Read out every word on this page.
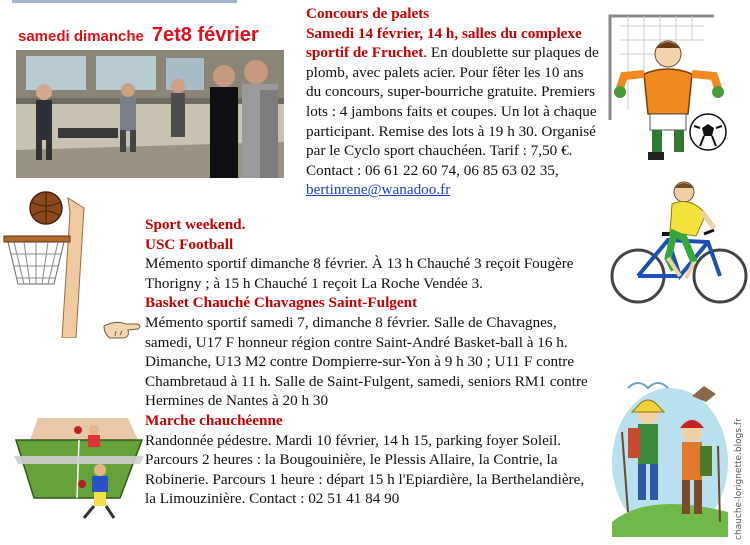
samedi dimanche 7et8 février
Concours de palets
Samedi 14 février, 14 h, salles du complexe sportif de Fruchet. En doublette sur plaques de plomb, avec palets acier. Pour fêter les 10 ans du concours, super-bourriche gratuite. Premiers lots : 4 jambons faits et coupes. Un lot à chaque participant. Remise des lots à 19 h 30. Organisé par le Cyclo sport chauchéen. Tarif : 7,50 €. Contact : 06 61 22 60 74, 06 85 63 02 35, bertinrene@wanadoo.fr
Sport weekend.
USC Football
Mémento sportif dimanche 8 février. À 13 h Chauché 3 reçoit Fougère Thorigny ; à 15 h Chauché 1 reçoit La Roche Vendée 3.
Basket Chauché Chavagnes Saint-Fulgent
Mémento sportif samedi 7, dimanche 8 février. Salle de Chavagnes, samedi, U17 F honneur région contre Saint-André Basket-ball à 16 h. Dimanche, U13 M2 contre Dompierre-sur-Yon à 9 h 30 ; U11 F contre Chambretaud à 11 h. Salle de Saint-Fulgent, samedi, seniors RM1 contre Hermines de Nantes à 20 h 30
Marche chauchéenne
Randonnée pédestre. Mardi 10 février, 14 h 15, parking foyer Soleil. Parcours 2 heures : la Bougouinière, le Plessis Allaire, la Contrie, la Robinerie. Parcours 1 heure : départ 15 h l'Epiardière, la Berthelandière, la Limouzinière. Contact : 02 51 41 84 90	chauche-lorignette.blogs.fr
